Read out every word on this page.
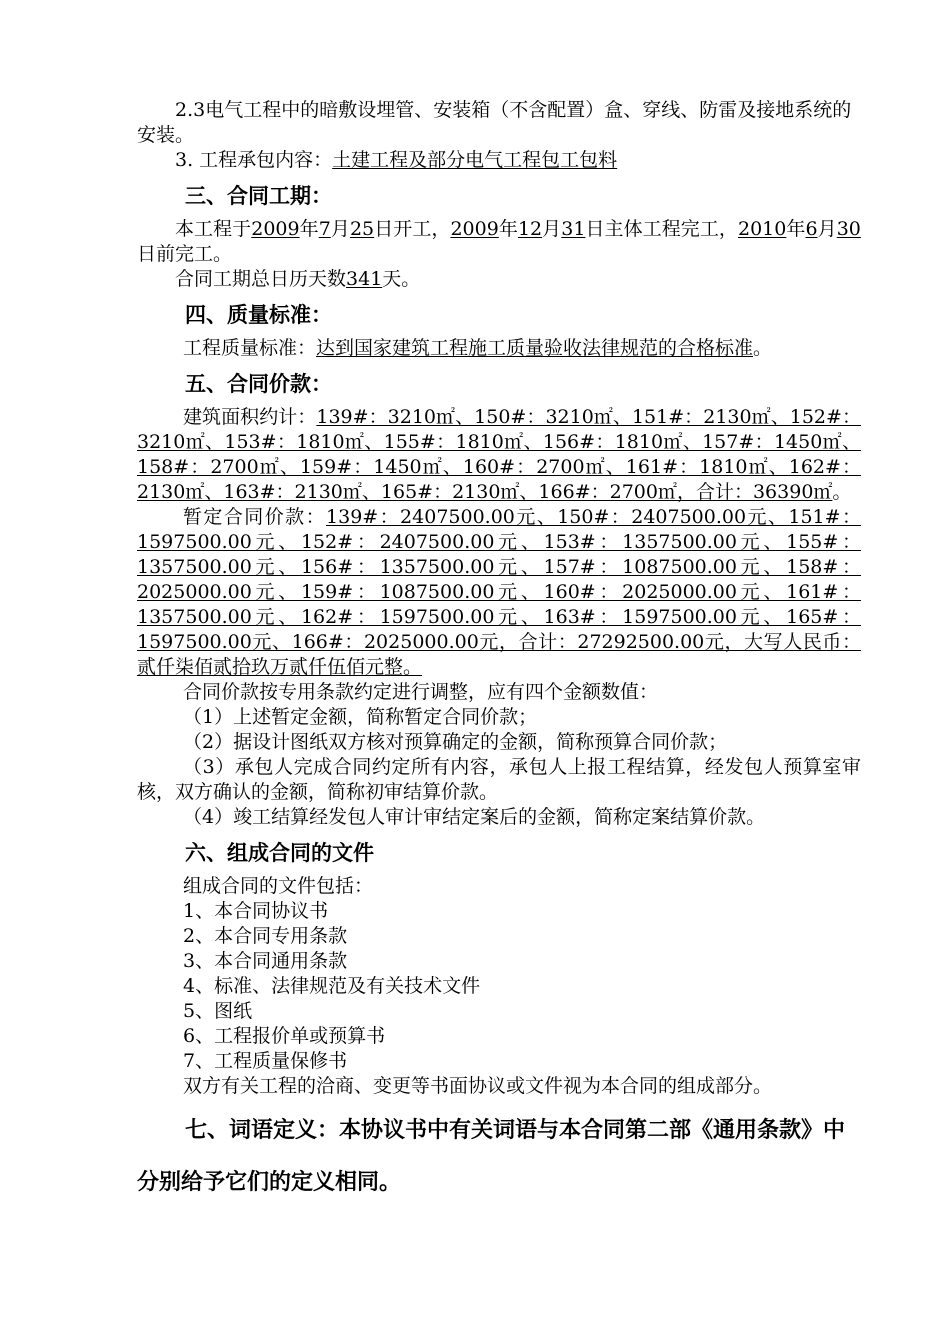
2.3电气工程中的暗敷设埋管、安装箱（不含配置）盒、穿线、防雷及接地系统的安装。

3. 工程承包内容：土建工程及部分电气工程包工包料

三、合同工期：

本工程于2009年7月25日开工，2009年12月31日主体工程完工，2010年6月30日前完工。

合同工期总日历天数341天。

四、质量标准：

工程质量标准：达到国家建筑工程施工质量验收法律规范的合格标准。

五、合同价款：

建筑面积约计：139#：3210㎡、150#：3210㎡、151#：2130㎡、152#：3210㎡、153#：1810㎡、155#：1810㎡、156#：1810㎡、157#：1450㎡、158#：2700㎡、159#：1450㎡、160#：2700㎡、161#：1810㎡、162#：2130㎡、163#：2130㎡、165#：2130㎡、166#：2700㎡，合计：36390㎡。

暂定合同价款：139#：2407500.00元、150#：2407500.00元、151#：1597500.00元、152#：2407500.00元、153#：1357500.00元、155#：1357500.00元、156#：1357500.00元、157#：1087500.00元、158#：2025000.00元、159#：1087500.00元、160#：2025000.00元、161#：1357500.00元、162#：1597500.00元、163#：1597500.00元、165#：1597500.00元、166#：2025000.00元，合计：27292500.00元，大写人民币：贰仟柒佰贰拾玖万贰仟伍佰元整。

合同价款按专用条款约定进行调整，应有四个金额数值：

（1）上述暂定金额，简称暂定合同价款；

（2）据设计图纸双方核对预算确定的金额，简称预算合同价款；

（3）承包人完成合同约定所有内容，承包人上报工程结算，经发包人预算室审核，双方确认的金额，简称初审结算价款。

（4）竣工结算经发包人审计审结定案后的金额，简称定案结算价款。

六、组成合同的文件

组成合同的文件包括：

1、本合同协议书

2、本合同专用条款

3、本合同通用条款

4、标准、法律规范及有关技术文件

5、图纸

6、工程报价单或预算书

7、工程质量保修书

双方有关工程的洽商、变更等书面协议或文件视为本合同的组成部分。

七、词语定义：本协议书中有关词语与本合同第二部《通用条款》中分别给予它们的定义相同。
